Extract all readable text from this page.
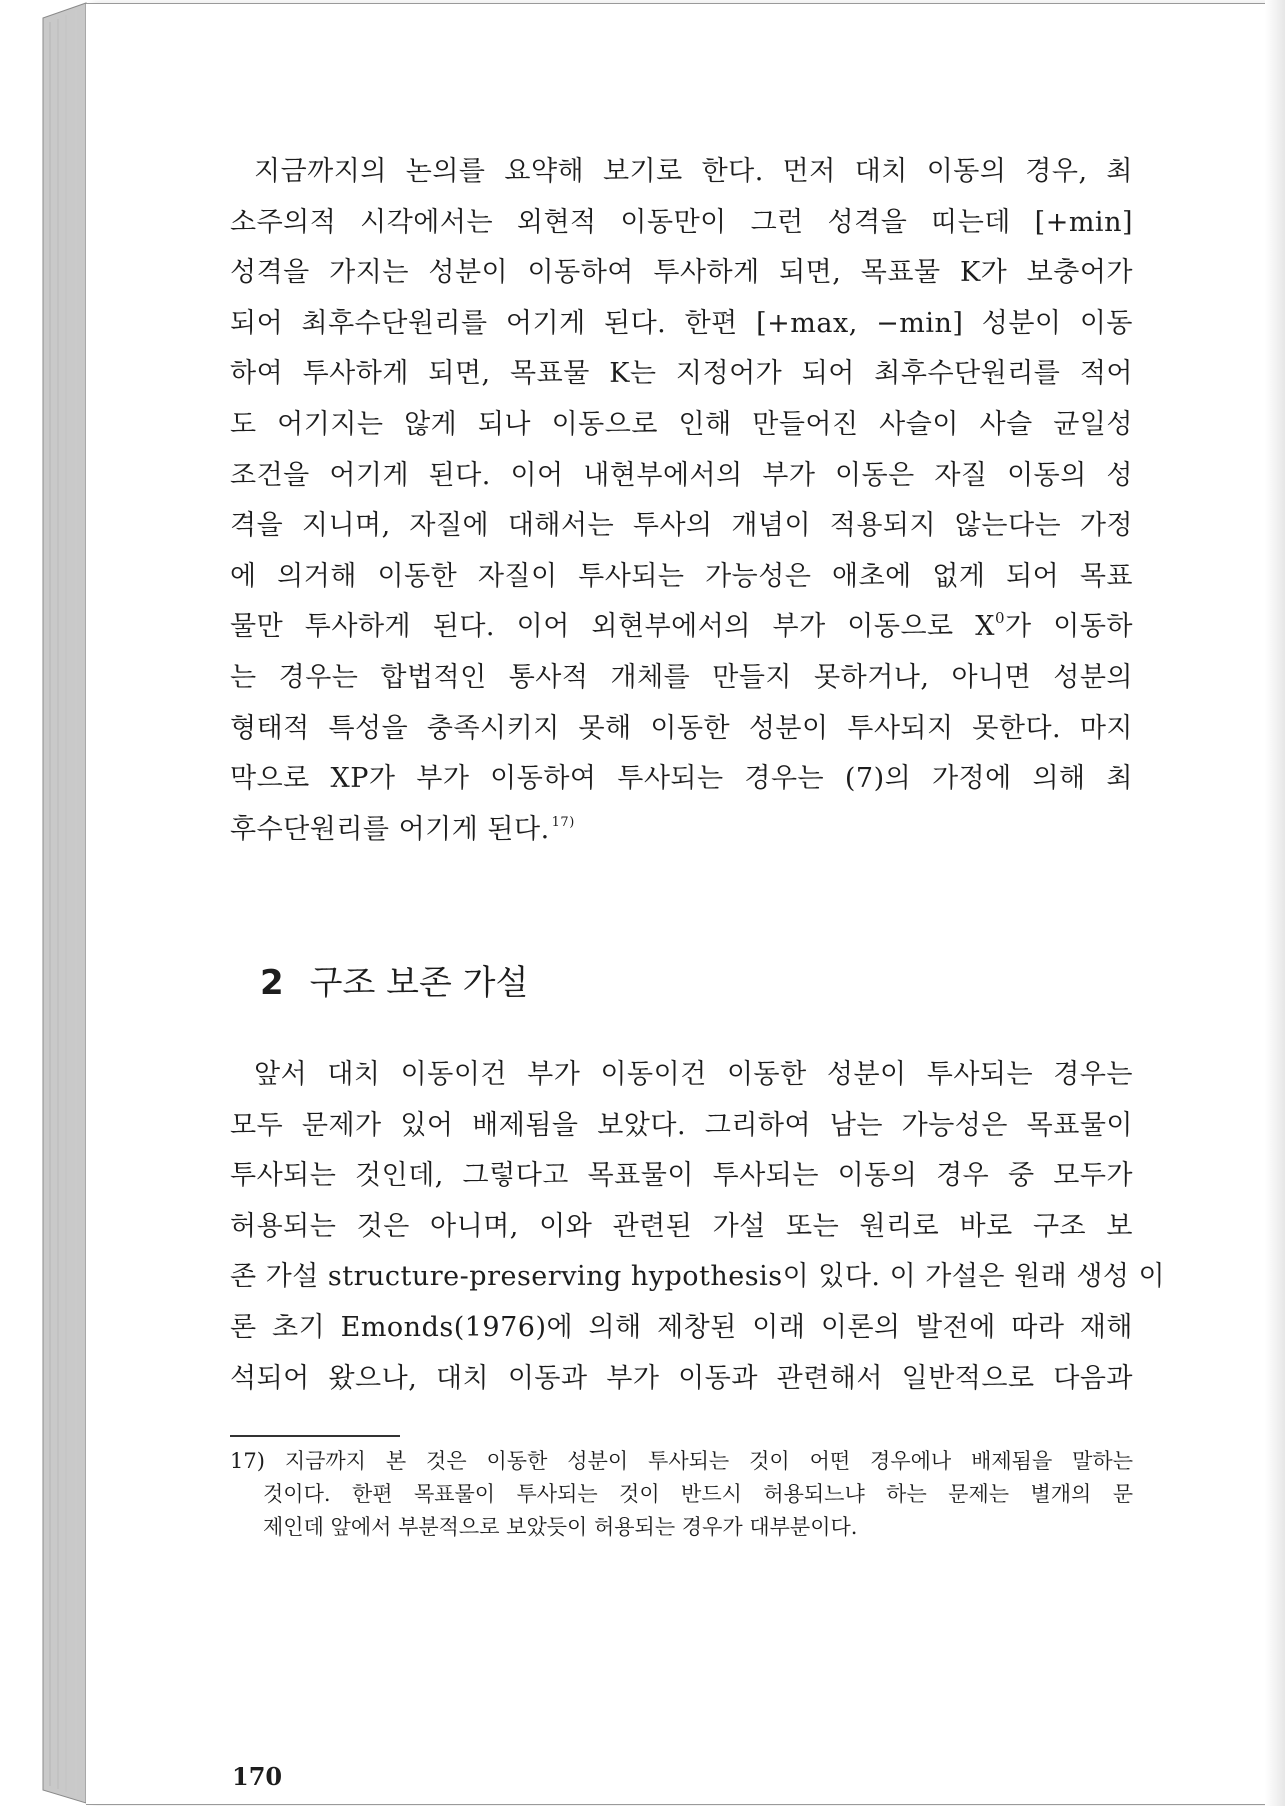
지금까지의 논의를 요약해 보기로 한다. 먼저 대치 이동의 경우, 최
소주의적 시각에서는 외현적 이동만이 그런 성격을 띠는데 [+min]
성격을 가지는 성분이 이동하여 투사하게 되면, 목표물 K가 보충어가
되어 최후수단원리를 어기게 된다. 한편 [+max, −min] 성분이 이동
하여 투사하게 되면, 목표물 K는 지정어가 되어 최후수단원리를 적어
도 어기지는 않게 되나 이동으로 인해 만들어진 사슬이 사슬 균일성
조건을 어기게 된다. 이어 내현부에서의 부가 이동은 자질 이동의 성
격을 지니며, 자질에 대해서는 투사의 개념이 적용되지 않는다는 가정
에 의거해 이동한 자질이 투사되는 가능성은 애초에 없게 되어 목표
물만 투사하게 된다. 이어 외현부에서의 부가 이동으로 $X^0$가 이동하
는 경우는 합법적인 통사적 개체를 만들지 못하거나, 아니면 성분의
형태적 특성을 충족시키지 못해 이동한 성분이 투사되지 못한다. 마지
막으로 XP가 부가 이동하여 투사되는 경우는 (7)의 가정에 의해 최
후수단원리를 어기게 된다. $^{17)}$
2 구조 보존 가설
앞서 대치 이동이건 부가 이동이건 이동한 성분이 투사되는 경우는
모두 문제가 있어 배제됨을 보았다. 그리하여 남는 가능성은 목표물이
투사되는 것인데, 그렇다고 목표물이 투사되는 이동의 경우 중 모두가
허용되는 것은 아니며, 이와 관련된 가설 또는 원리로 바로 구조 보
존 가설 structure-preserving hypothesis이 있다. 이 가설은 원래 생성 이
론 초기 Emonds(1976)에 의해 제창된 이래 이론의 발전에 따라 재해
석되어 왔으나, 대치 이동과 부가 이동과 관련해서 일반적으로 다음과
17) 지금까지 본 것은 이동한 성분이 투사되는 것이 어떤 경우에나 배제됨을 말하는
것이다. 한편 목표물이 투사되는 것이 반드시 허용되느냐 하는 문제는 별개의 문
제인데 앞에서 부분적으로 보았듯이 허용되는 경우가 대부분이다.
170
